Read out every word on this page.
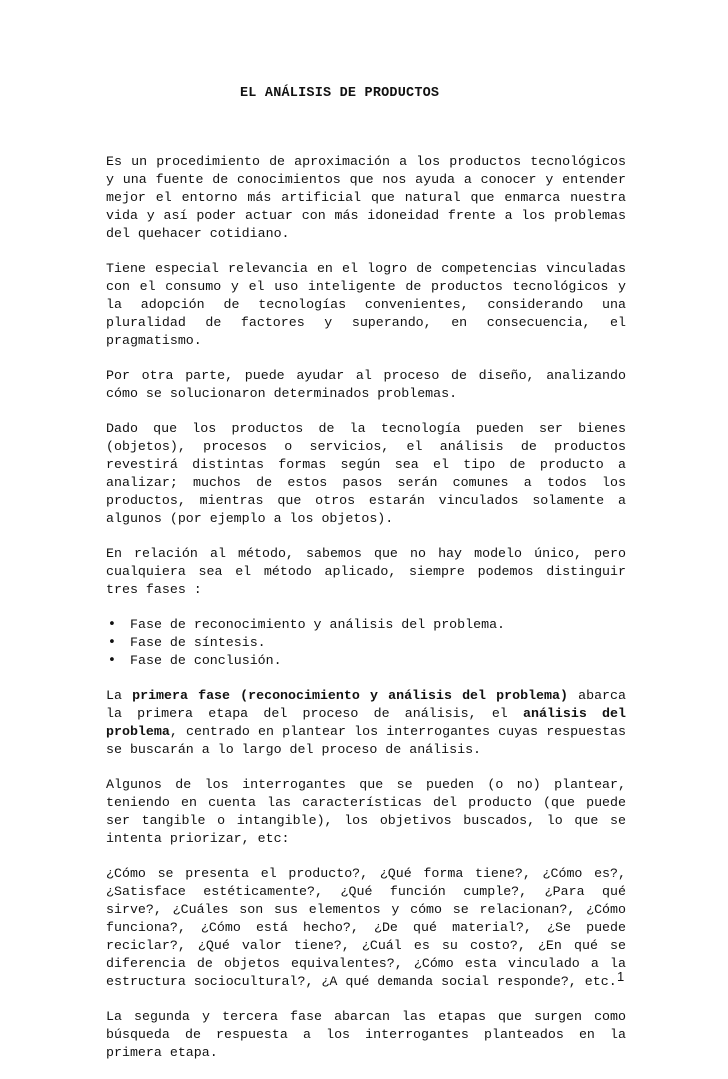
EL ANÁLISIS DE PRODUCTOS

Es un procedimiento de aproximación a los productos tecnológicos y una fuente de conocimientos que nos ayuda a conocer y entender mejor el entorno más artificial que natural que enmarca nuestra vida y así poder actuar con más idoneidad frente a los problemas del quehacer cotidiano.

Tiene especial relevancia en el logro de competencias vinculadas con el consumo y el uso inteligente de productos tecnológicos y la adopción de tecnologías convenientes, considerando una pluralidad de factores y superando, en consecuencia, el pragmatismo.

Por otra parte, puede ayudar al proceso de diseño, analizando cómo se solucionaron determinados problemas.

Dado que los productos de la tecnología pueden ser bienes (objetos), procesos o servicios, el análisis de productos revestirá distintas formas según sea el tipo de producto a analizar; muchos de estos pasos serán comunes a todos los productos, mientras que otros estarán vinculados solamente a algunos (por ejemplo a los objetos).

En relación al método, sabemos que no hay modelo único, pero cualquiera sea el método aplicado, siempre podemos distinguir tres fases :

• Fase de reconocimiento y análisis del problema.
• Fase de síntesis.
• Fase de conclusión.

La primera fase (reconocimiento y análisis del problema) abarca la primera etapa del proceso de análisis, el análisis del problema, centrado en plantear los interrogantes cuyas respuestas se buscarán a lo largo del proceso de análisis.

Algunos de los interrogantes que se pueden (o no) plantear, teniendo en cuenta las características del producto (que puede ser tangible o intangible), los objetivos buscados, lo que se intenta priorizar, etc:

¿Cómo se presenta el producto?, ¿Qué forma tiene?, ¿Cómo es?, ¿Satisface estéticamente?, ¿Qué función cumple?, ¿Para qué sirve?, ¿Cuáles son sus elementos y cómo se relacionan?, ¿Cómo funciona?, ¿Cómo está hecho?, ¿De qué material?, ¿Se puede reciclar?, ¿Qué valor tiene?, ¿Cuál es su costo?, ¿En qué se diferencia de objetos equivalentes?, ¿Cómo esta vinculado a la estructura sociocultural?, ¿A qué demanda social responde?, etc.

La segunda y tercera fase abarcan las etapas que surgen como búsqueda de respuesta a los interrogantes planteados en la primera etapa.

1
